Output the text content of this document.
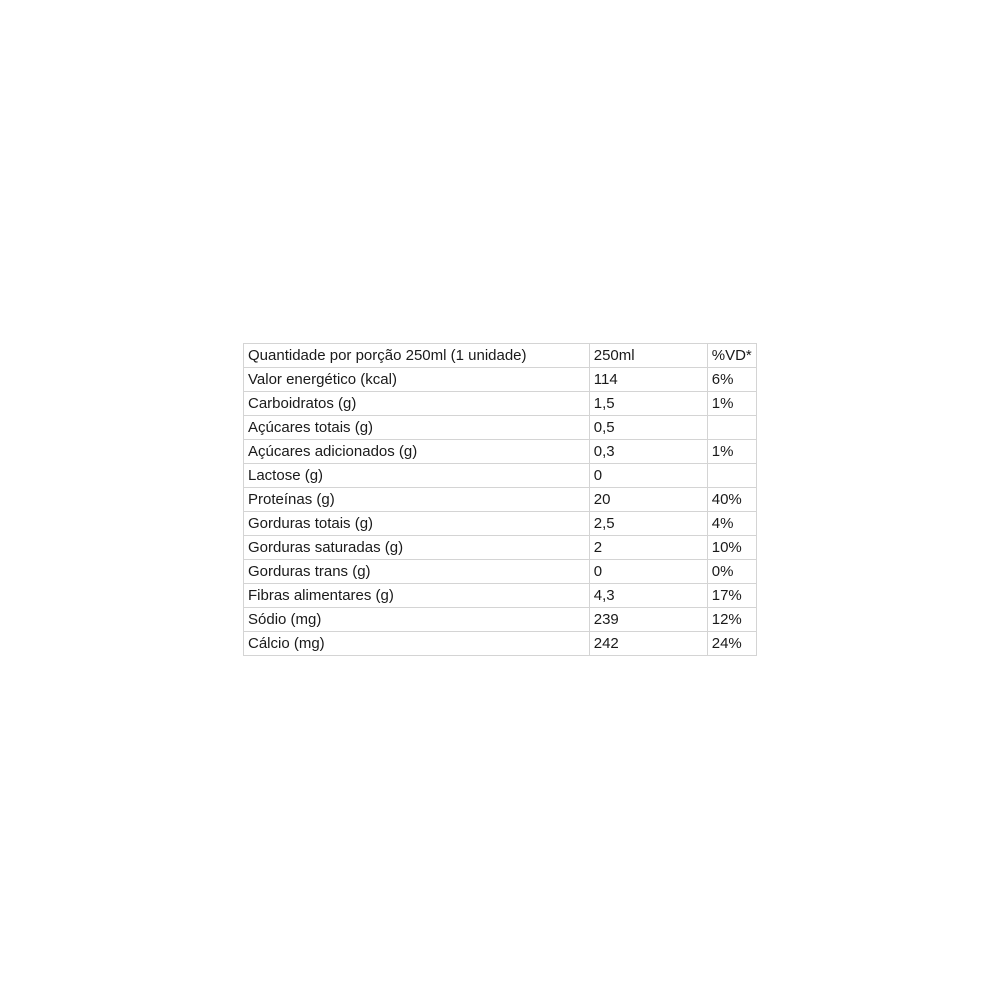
Quantidade por porção 250ml (1 unidade)	250ml	%VD*
Valor energético (kcal)	114	6%
Carboidratos (g)	1,5	1%
Açúcares totais (g)	0,5	
Açúcares adicionados (g)	0,3	1%
Lactose (g)	0	
Proteínas (g)	20	40%
Gorduras totais (g)	2,5	4%
Gorduras saturadas (g)	2	10%
Gorduras trans (g)	0	0%
Fibras alimentares (g)	4,3	17%
Sódio (mg)	239	12%
Cálcio (mg)	242	24%
